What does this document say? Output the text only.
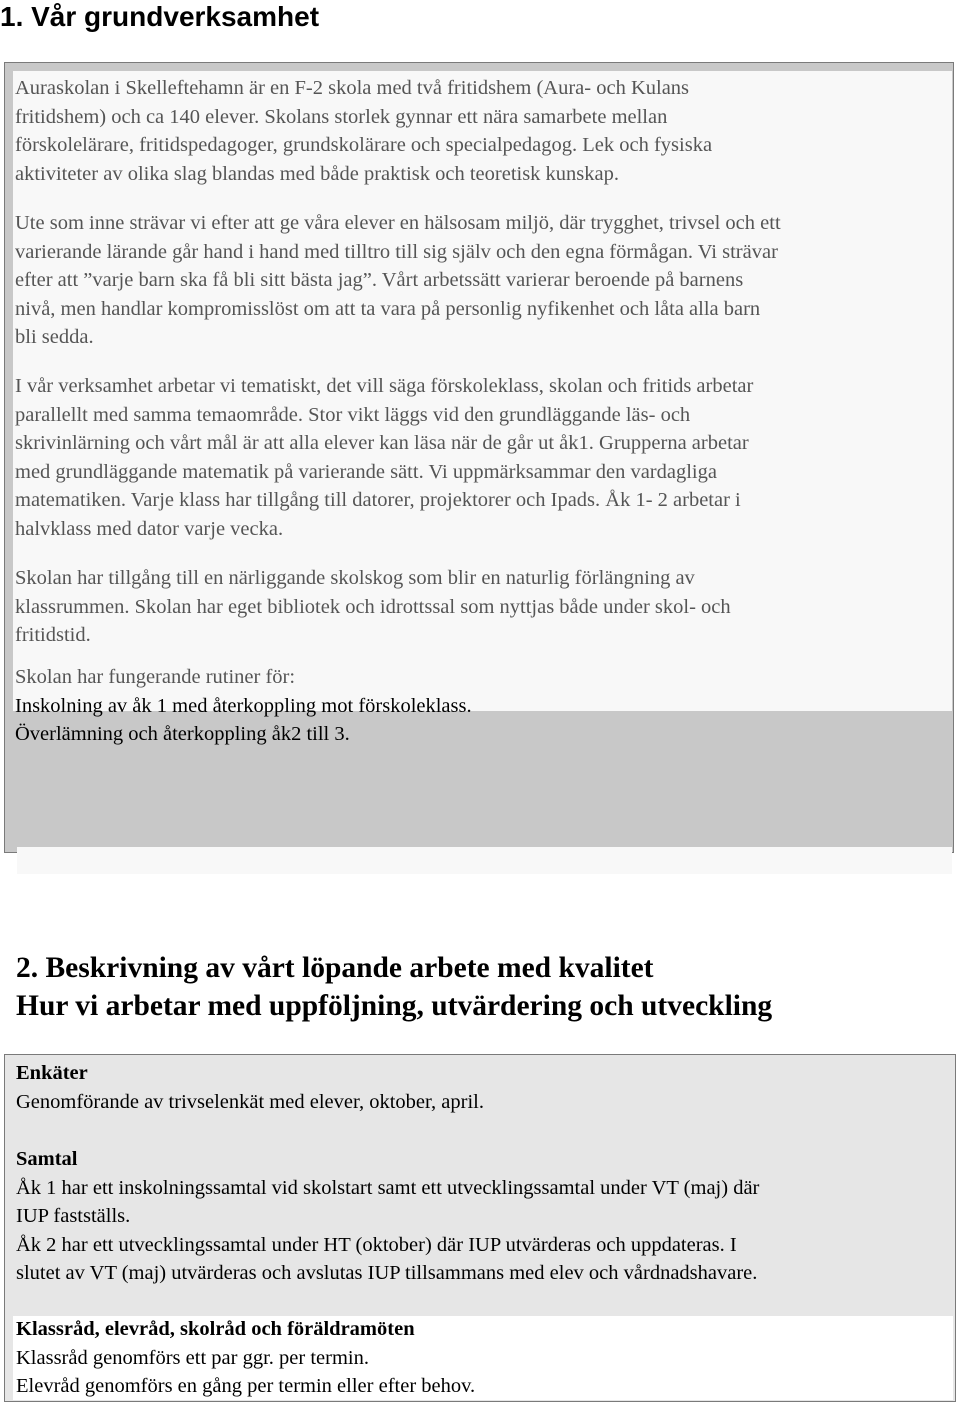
1. Vår grundverksamhet

Auraskolan i Skelleftehamn är en F-2 skola med två fritidshem (Aura- och Kulans

fritidshem) och ca 140 elever. Skolans storlek gynnar ett nära samarbete mellan

förskolelärare, fritidspedagoger, grundskolärare och specialpedagog. Lek och fysiska

aktiviteter av olika slag blandas med både praktisk och teoretisk kunskap.

Ute som inne strävar vi efter att ge våra elever en hälsosam miljö, där trygghet, trivsel och ett

varierande lärande går hand i hand med tilltro till sig själv och den egna förmågan. Vi strävar

efter att ”varje barn ska få bli sitt bästa jag”. Vårt arbetssätt varierar beroende på barnens

nivå, men handlar kompromisslöst om att ta vara på personlig nyfikenhet och låta alla barn

bli sedda.

I vår verksamhet arbetar vi tematiskt, det vill säga förskoleklass, skolan och fritids arbetar

parallellt med samma temaområde. Stor vikt läggs vid den grundläggande läs- och

skrivinlärning och vårt mål är att alla elever kan läsa när de går ut åk1. Grupperna arbetar

med grundläggande matematik på varierande sätt. Vi uppmärksammar den vardagliga

matematiken. Varje klass har tillgång till datorer, projektorer och Ipads. Åk 1- 2 arbetar i

halvklass med dator varje vecka.

Skolan har tillgång till en närliggande skolskog som blir en naturlig förlängning av

klassrummen. Skolan har eget bibliotek och idrottssal som nyttjas både under skol- och

fritidstid.

Skolan har fungerande rutiner för:

Inskolning av åk 1 med återkoppling mot förskoleklass.

Överlämning och återkoppling åk2 till 3.

2. Beskrivning av vårt löpande arbete med kvalitet
Hur vi arbetar med uppföljning, utvärdering och utveckling

Enkäter

Genomförande av trivselenkät med elever, oktober, april.

Samtal

Åk 1 har ett inskolningssamtal vid skolstart samt ett utvecklingssamtal under VT (maj) där

IUP fastställs.

Åk 2 har ett utvecklingssamtal under HT (oktober) där IUP utvärderas och uppdateras. I

slutet av VT (maj) utvärderas och avslutas IUP tillsammans med elev och vårdnadshavare.

Klassråd, elevråd, skolråd och föräldramöten

Klassråd genomförs ett par ggr. per termin.

Elevråd genomförs en gång per termin eller efter behov.
